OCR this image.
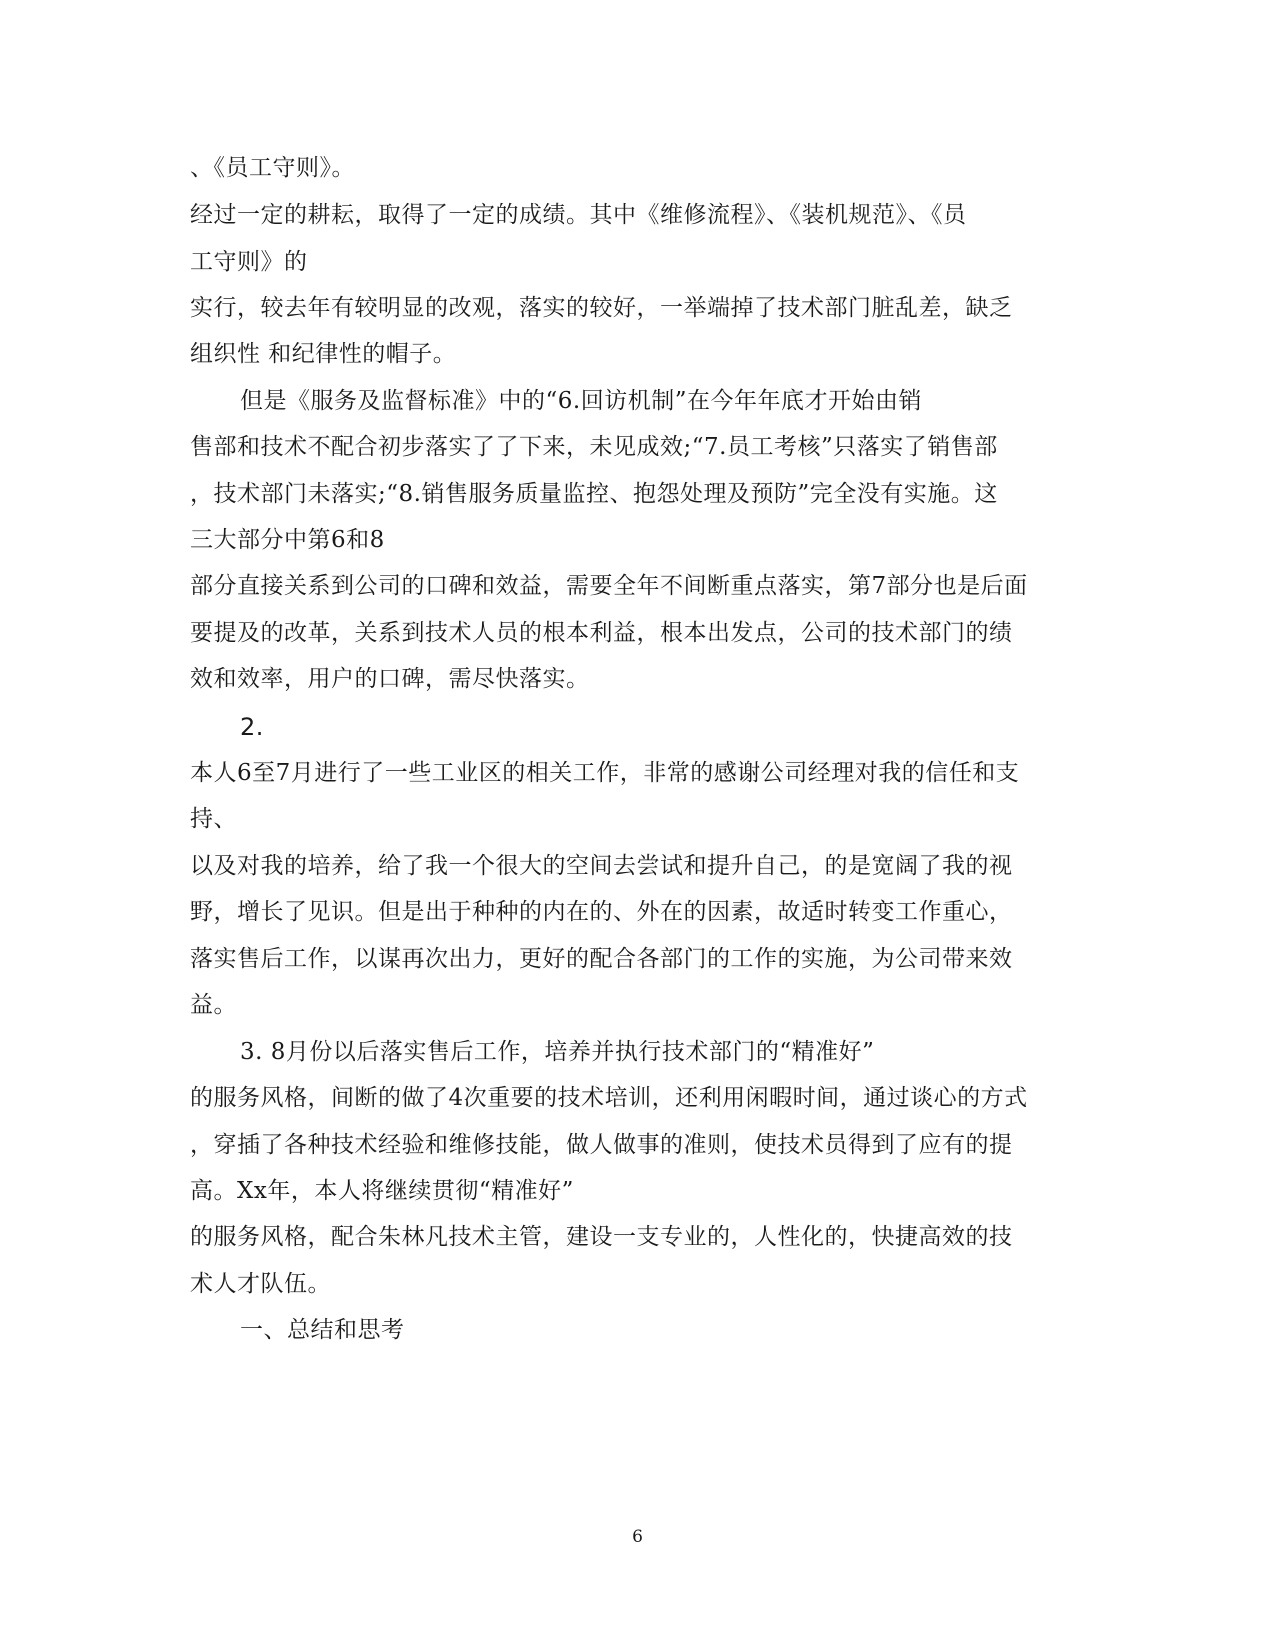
、《员工守则》。
经过一定的耕耘，取得了一定的成绩。其中《维修流程》、《装机规范》、《员
工守则》的
实行，较去年有较明显的改观，落实的较好，一举端掉了技术部门脏乱差，缺乏
组织性 和纪律性的帽子。
但是《服务及监督标准》中的“6.回访机制”在今年年底才开始由销
售部和技术不配合初步落实了了下来，未见成效;“7.员工考核”只落实了销售部
，技术部门未落实;“8.销售服务质量监控、抱怨处理及预防”完全没有实施。这
三大部分中第6和8
部分直接关系到公司的口碑和效益，需要全年不间断重点落实，第7部分也是后面
要提及的改革，关系到技术人员的根本利益，根本出发点，公司的技术部门的绩
效和效率，用户的口碑，需尽快落实。
2.
本人6至7月进行了一些工业区的相关工作，非常的感谢公司经理对我的信任和支
持、
以及对我的培养，给了我一个很大的空间去尝试和提升自己，的是宽阔了我的视
野，增长了见识。但是出于种种的内在的、外在的因素，故适时转变工作重心，
落实售后工作，以谋再次出力，更好的配合各部门的工作的实施，为公司带来效
益。
3. 8月份以后落实售后工作，培养并执行技术部门的“精准好”
的服务风格，间断的做了4次重要的技术培训，还利用闲暇时间，通过谈心的方式
，穿插了各种技术经验和维修技能，做人做事的准则，使技术员得到了应有的提
高。Xx年，本人将继续贯彻“精准好”
的服务风格，配合朱林凡技术主管，建设一支专业的，人性化的，快捷高效的技
术人才队伍。
一、总结和思考
6
